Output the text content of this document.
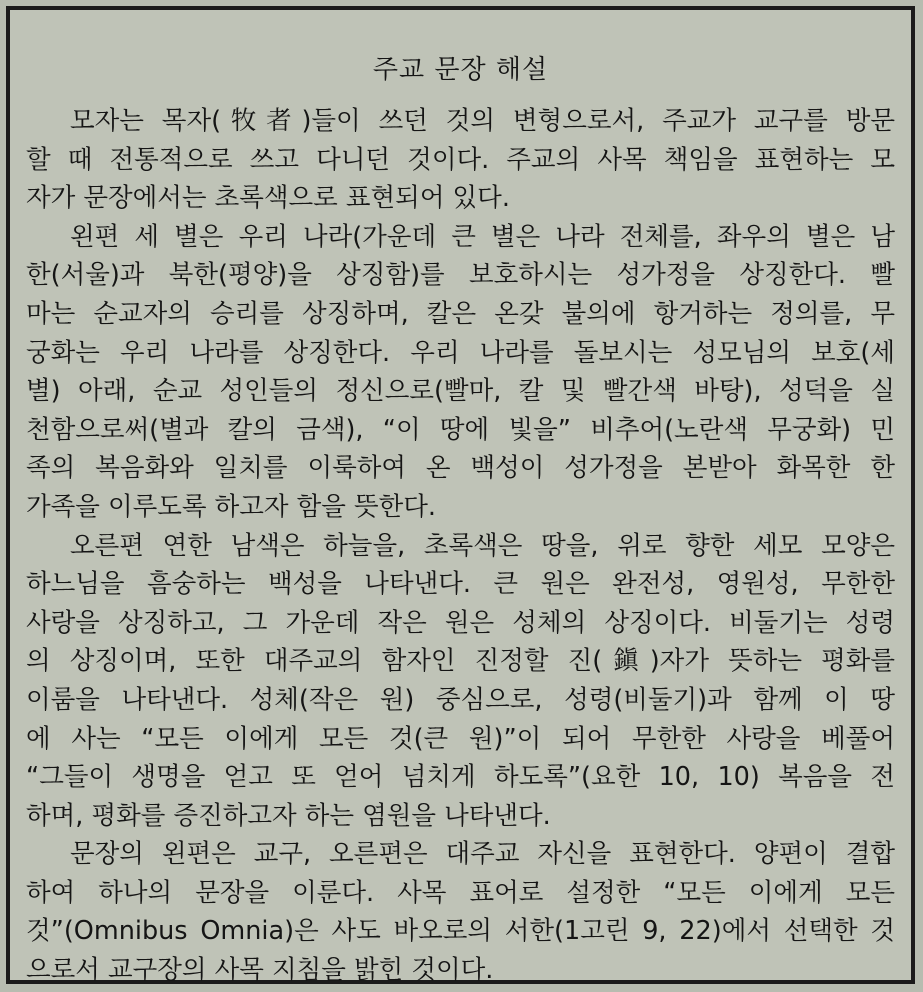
주교 문장 해설

모자는 목자(牧者)들이 쓰던 것의 변형으로서, 주교가 교구를 방문
할 때 전통적으로 쓰고 다니던 것이다. 주교의 사목 책임을 표현하는 모
자가 문장에서는 초록색으로 표현되어 있다.

왼편 세 별은 우리 나라(가운데 큰 별은 나라 전체를, 좌우의 별은 남
한(서울)과 북한(평양)을 상징함)를 보호하시는 성가정을 상징한다. 빨
마는 순교자의 승리를 상징하며, 칼은 온갖 불의에 항거하는 정의를, 무
궁화는 우리 나라를 상징한다. 우리 나라를 돌보시는 성모님의 보호(세
별) 아래, 순교 성인들의 정신으로(빨마, 칼 및 빨간색 바탕), 성덕을 실
천함으로써(별과 칼의 금색), “이 땅에 빛을” 비추어(노란색 무궁화) 민
족의 복음화와 일치를 이룩하여 온 백성이 성가정을 본받아 화목한 한
가족을 이루도록 하고자 함을 뜻한다.

오른편 연한 남색은 하늘을, 초록색은 땅을, 위로 향한 세모 모양은
하느님을 흠숭하는 백성을 나타낸다. 큰 원은 완전성, 영원성, 무한한
사랑을 상징하고, 그 가운데 작은 원은 성체의 상징이다. 비둘기는 성령
의 상징이며, 또한 대주교의 함자인 진정할 진(鎭)자가 뜻하는 평화를
이룸을 나타낸다. 성체(작은 원) 중심으로, 성령(비둘기)과 함께 이 땅
에 사는 “모든 이에게 모든 것(큰 원)”이 되어 무한한 사랑을 베풀어
“그들이 생명을 얻고 또 얻어 넘치게 하도록”(요한 10, 10) 복음을 전
하며, 평화를 증진하고자 하는 염원을 나타낸다.

문장의 왼편은 교구, 오른편은 대주교 자신을 표현한다. 양편이 결합
하여 하나의 문장을 이룬다. 사목 표어로 설정한 “모든 이에게 모든
것”(Omnibus Omnia)은 사도 바오로의 서한(1고린 9, 22)에서 선택한 것
으로서 교구장의 사목 지침을 밝힌 것이다.
